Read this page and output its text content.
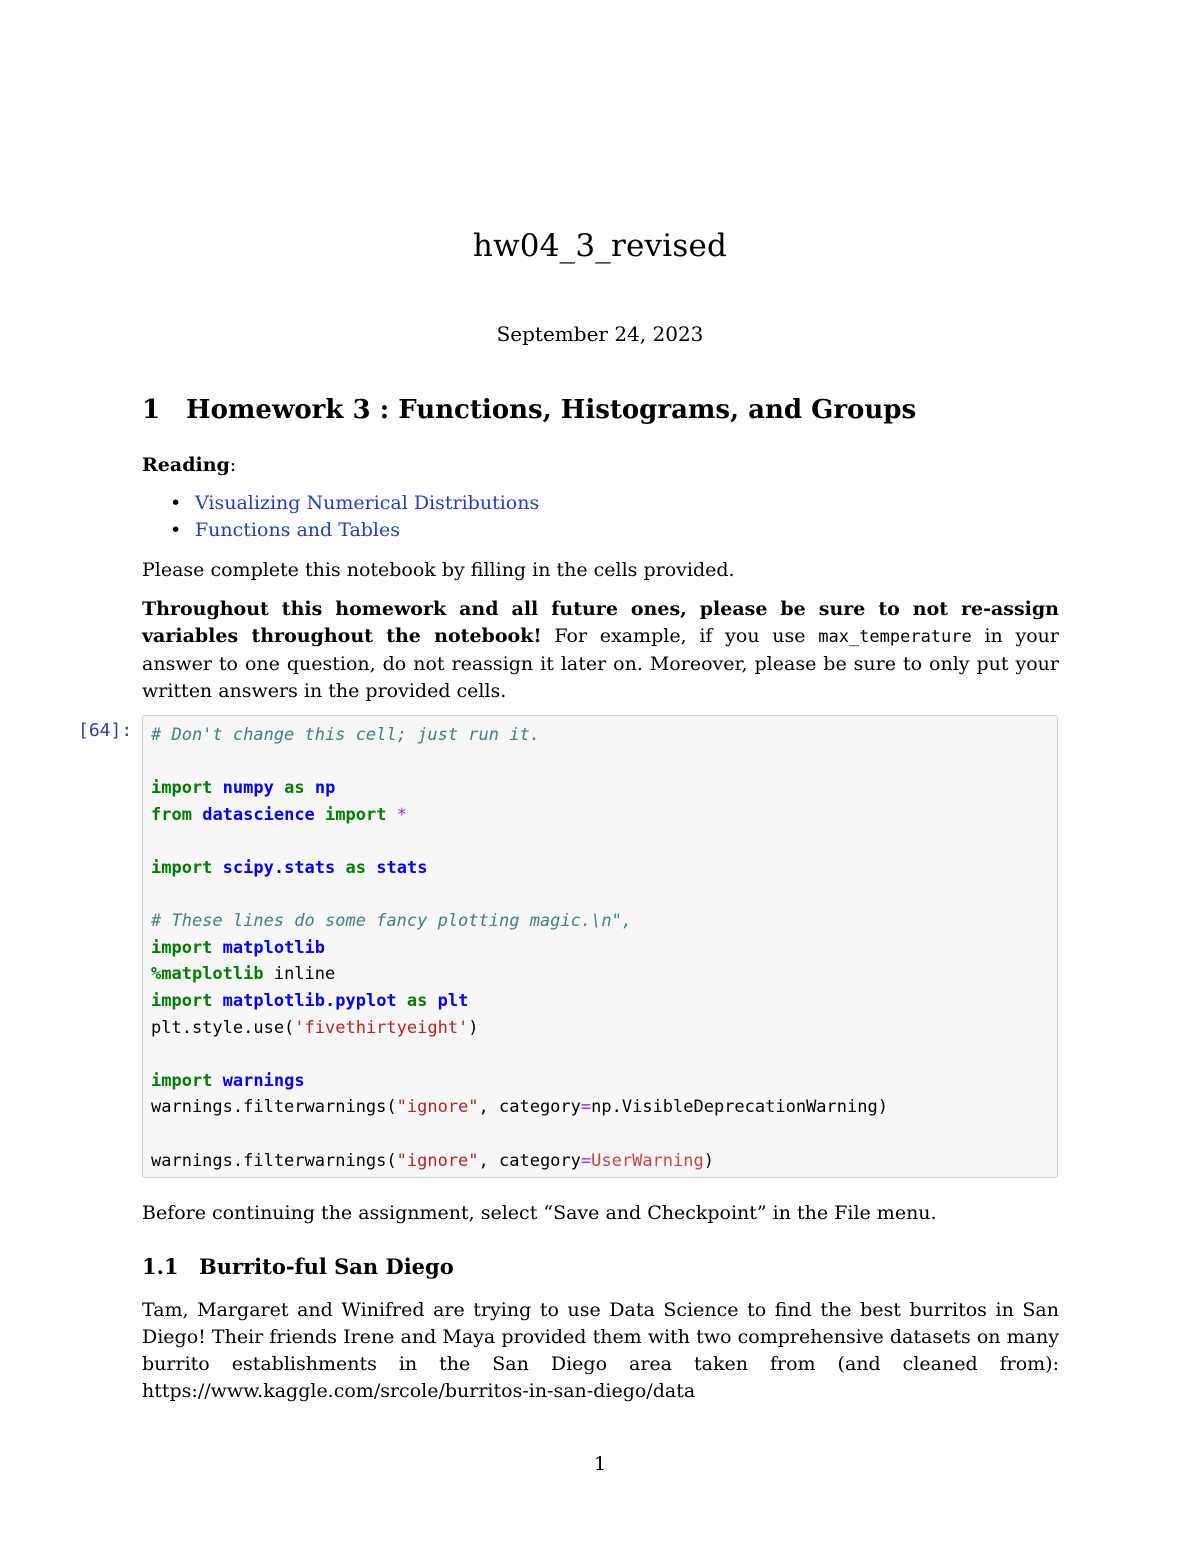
hw04_3_revised
September 24, 2023
1 Homework 3 : Functions, Histograms, and Groups
Reading:
• Visualizing Numerical Distributions
• Functions and Tables
Please complete this notebook by filling in the cells provided.
Throughout this homework and all future ones, please be sure to not re-assign variables throughout the notebook! For example, if you use max_temperature in your answer to one question, do not reassign it later on. Moreover, please be sure to only put your written answers in the provided cells.
[64]: # Don't change this cell; just run it.

import numpy as np
from datascience import *

import scipy.stats as stats

# These lines do some fancy plotting magic.\n",
import matplotlib
%matplotlib inline
import matplotlib.pyplot as plt
plt.style.use('fivethirtyeight')

import warnings
warnings.filterwarnings("ignore", category=np.VisibleDeprecationWarning)

warnings.filterwarnings("ignore", category=UserWarning)
Before continuing the assignment, select “Save and Checkpoint” in the File menu.
1.1 Burrito-ful San Diego
Tam, Margaret and Winifred are trying to use Data Science to find the best burritos in San Diego! Their friends Irene and Maya provided them with two comprehensive datasets on many burrito establishments in the San Diego area taken from (and cleaned from): https://www.kaggle.com/srcole/burritos-in-san-diego/data
1
